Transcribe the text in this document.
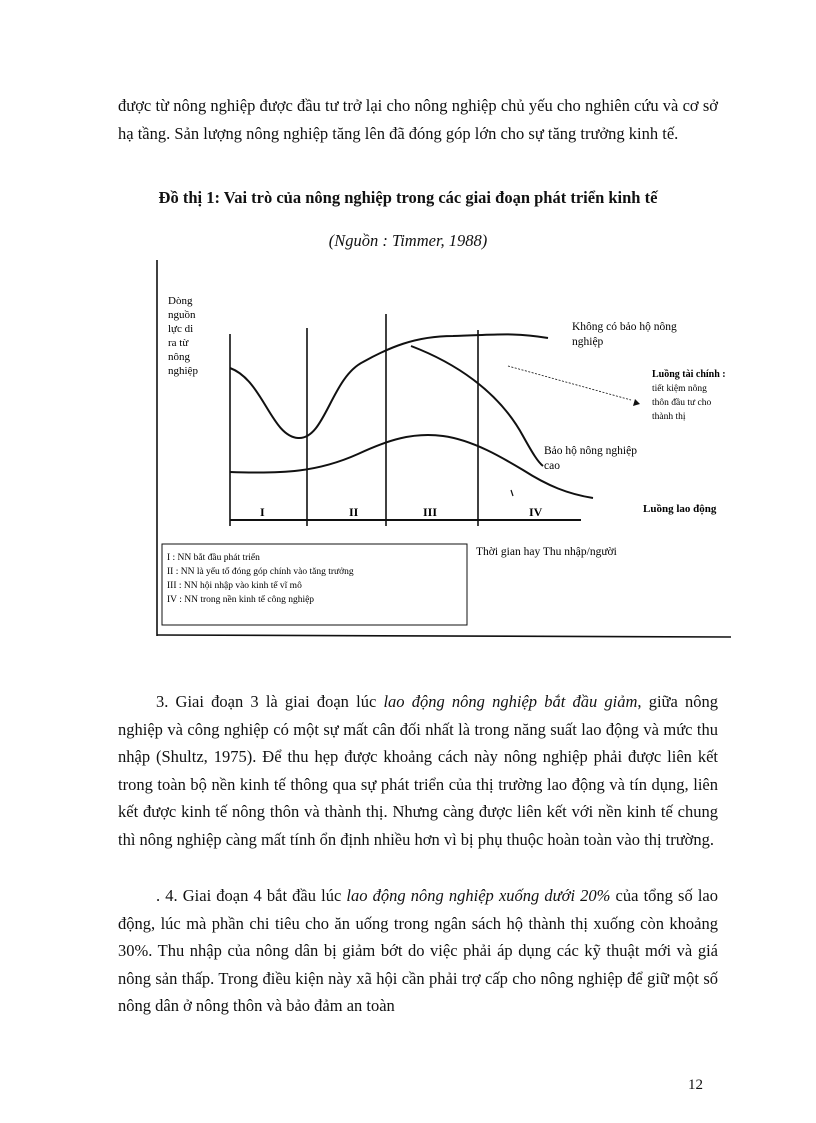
được từ nông nghiệp được đầu tư trở lại cho nông nghiệp chủ yếu cho nghiên cứu và cơ sở hạ tầng. Sản lượng nông nghiệp tăng lên đã đóng góp lớn cho sự tăng trưởng kinh tế.

Đồ thị 1: Vai trò của nông nghiệp trong các giai đoạn phát triển kinh tế
(Nguồn : Timmer, 1988)
Dòng nguồn lực di ra từ nông nghiệp
I	II	III	IV
Không có bảo hộ nông nghiệp
Luồng tài chính :
tiết kiệm nông thôn đầu tư cho thành thị
Bảo hộ nông nghiệp cao
Luồng lao động
Thời gian hay Thu nhập/người
I : NN bắt đầu phát triển II : NN là yếu tố đóng góp chính vào tăng trưởng III : NN hội nhập vào kinh tế vĩ mô IV : NN trong nền kinh tế công nghiệp

3. Giai đoạn 3 là giai đoạn lúc lao động nông nghiệp bắt đầu giảm, giữa nông nghiệp và công nghiệp có một sự mất cân đối nhất là trong năng suất lao động và mức thu nhập (Shultz, 1975). Để thu hẹp được khoảng cách này nông nghiệp phải được liên kết trong toàn bộ nền kinh tế thông qua sự phát triển của thị trường lao động và tín dụng, liên kết được kinh tế nông thôn và thành thị. Nhưng càng được liên kết với nền kinh tế chung thì nông nghiệp càng mất tính ổn định nhiều hơn vì bị phụ thuộc hoàn toàn vào thị trường.

. 4. Giai đoạn 4 bắt đầu lúc lao động nông nghiệp xuống dưới 20% của tổng số lao động, lúc mà phần chi tiêu cho ăn uống trong ngân sách hộ thành thị xuống còn khoảng 30%. Thu nhập của nông dân bị giảm bớt do việc phải áp dụng các kỹ thuật mới và giá nông sản thấp. Trong điều kiện này xã hội cần phải trợ cấp cho nông nghiệp để giữ một số nông dân ở nông thôn và bảo đảm an toàn

12
